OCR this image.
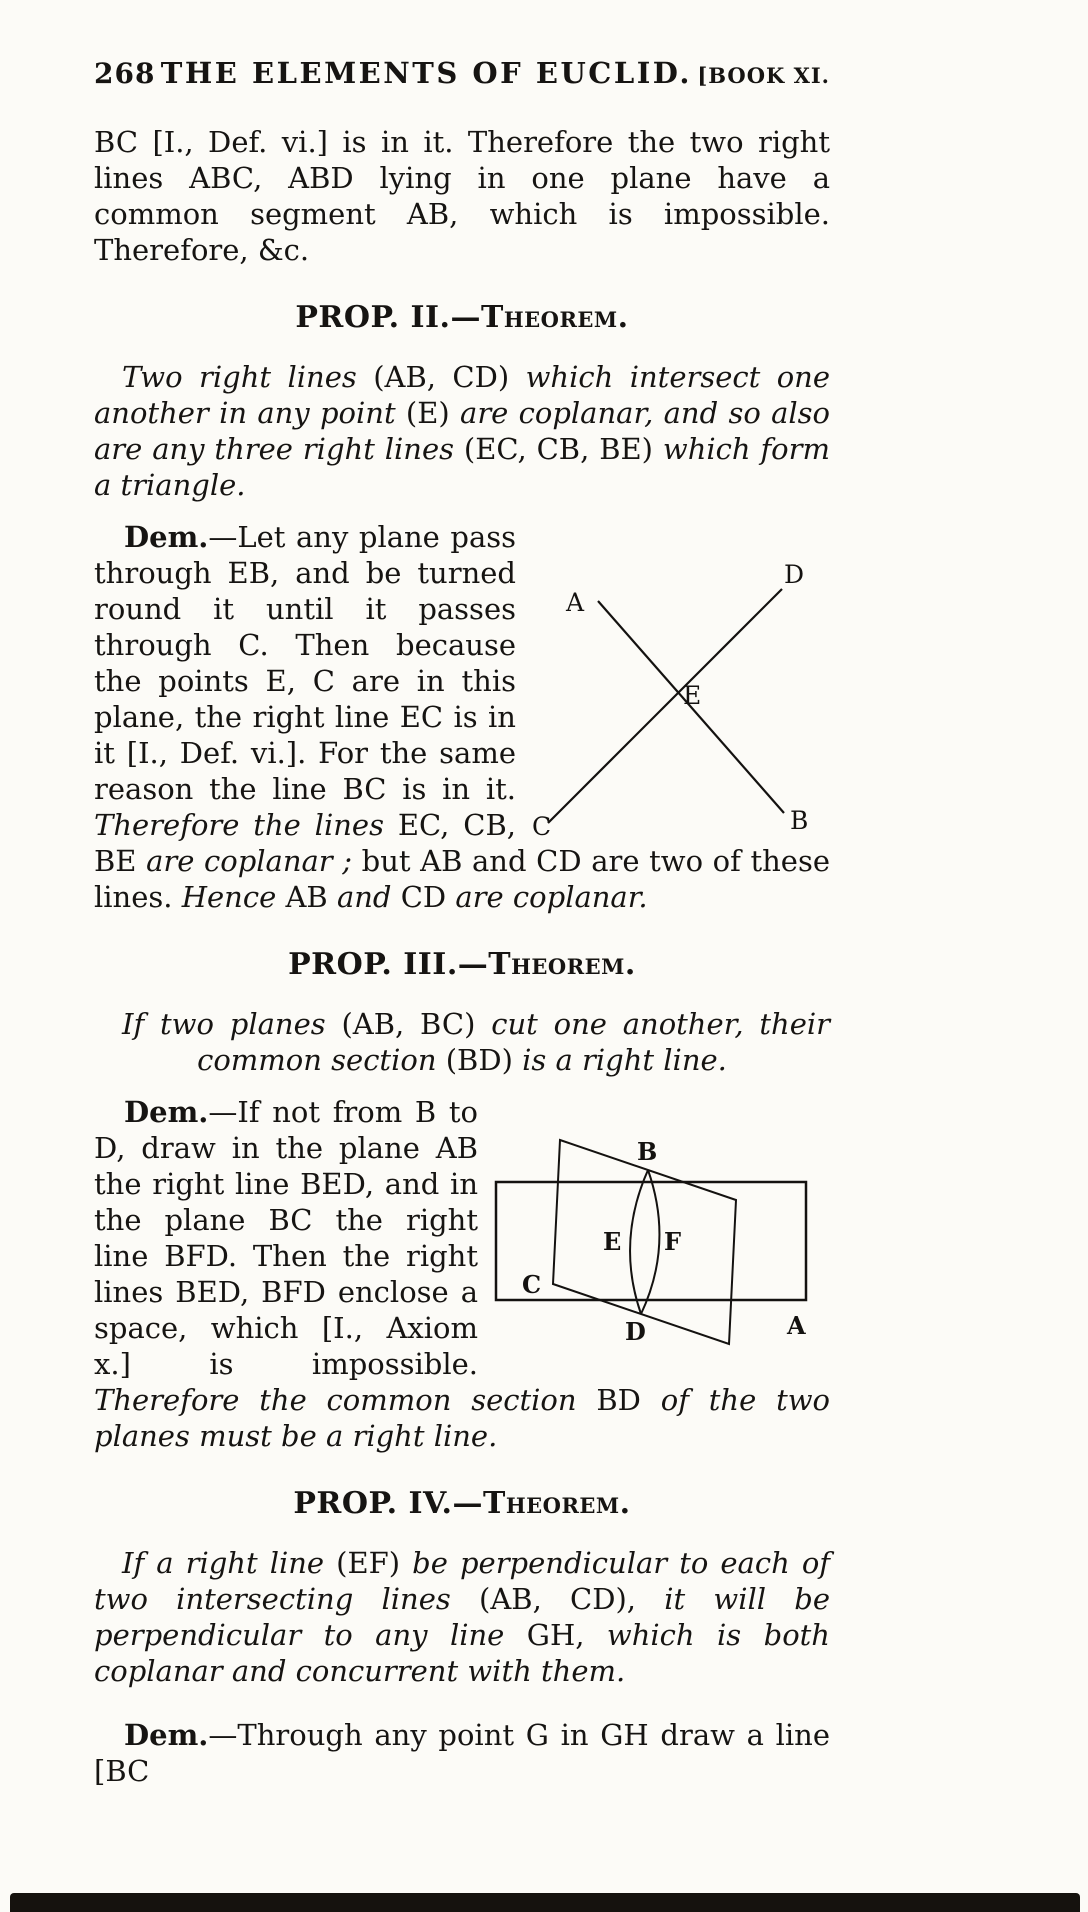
268 THE ELEMENTS OF EUCLID. [BOOK XI.

BC [I., Def. vi.] is in it. Therefore the two right lines ABC, ABD lying in one plane have a common segment AB, which is impossible. Therefore, &c.

PROP. II.—Theorem.

Two right lines (AB, CD) which intersect one another in any point (E) are coplanar, and so also are any three right lines (EC, CB, BE) which form a triangle.

A
D
E
C	B
Dem.—Let any plane pass through EB, and be turned round it until it passes through C. Then because the points E, C are in this plane, the right line EC is in it [I., Def. vi.]. For the same reason the line BC is in it. Therefore the lines EC, CB, BE are coplanar ; but AB and CD are two of these lines. Hence AB and CD are coplanar.
PROP. III.—Theorem.

If two planes (AB, BC) cut one another, their common section (BD) is a right line.

B
E F
C
D	A
Dem.—If not from B to D, draw in the plane AB the right line BED, and in the plane BC the right line BFD. Then the right lines BED, BFD enclose a space, which [I., Axiom x.] is impossible. Therefore the common section BD of the two planes must be a right line.
PROP. IV.—Theorem.

If a right line (EF) be perpendicular to each of two intersecting lines (AB, CD), it will be perpendicular to any line GH, which is both coplanar and concurrent with them.

Dem.—Through any point G in GH draw a line [BC
